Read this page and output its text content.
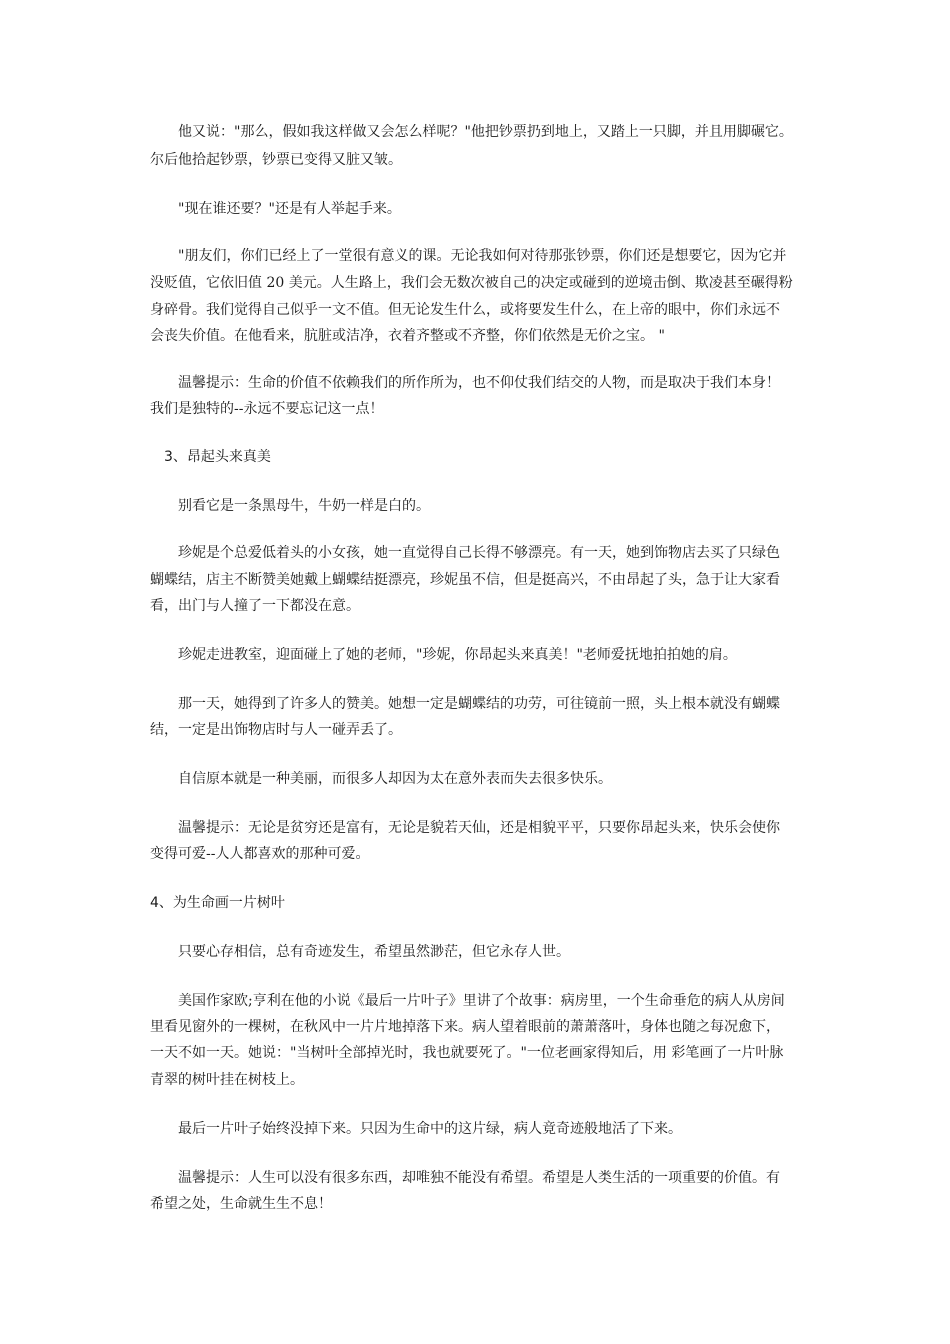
　　他又说："那么，假如我这样做又会怎么样呢？"他把钞票扔到地上，又踏上一只脚，并且用脚碾它。
尔后他拾起钞票，钞票已变得又脏又皱。
　　"现在谁还要？"还是有人举起手来。
　　"朋友们，你们已经上了一堂很有意义的课。无论我如何对待那张钞票，你们还是想要它，因为它并
没贬值，它依旧值 20 美元。人生路上，我们会无数次被自己的决定或碰到的逆境击倒、欺凌甚至碾得粉
身碎骨。我们觉得自己似乎一文不值。但无论发生什么，或将要发生什么，在上帝的眼中，你们永远不
会丧失价值。在他看来，肮脏或洁净，衣着齐整或不齐整，你们依然是无价之宝。 "
　　温馨提示：生命的价值不依赖我们的所作所为，也不仰仗我们结交的人物，而是取决于我们本身！
我们是独特的--永远不要忘记这一点！
3、昂起头来真美
　　别看它是一条黑母牛，牛奶一样是白的。
　　珍妮是个总爱低着头的小女孩，她一直觉得自己长得不够漂亮。有一天，她到饰物店去买了只绿色
蝴蝶结，店主不断赞美她戴上蝴蝶结挺漂亮，珍妮虽不信，但是挺高兴，不由昂起了头，急于让大家看
看，出门与人撞了一下都没在意。
　　珍妮走进教室，迎面碰上了她的老师，"珍妮，你昂起头来真美！"老师爱抚地拍拍她的肩。
　　那一天，她得到了许多人的赞美。她想一定是蝴蝶结的功劳，可往镜前一照，头上根本就没有蝴蝶
结，一定是出饰物店时与人一碰弄丢了。
　　自信原本就是一种美丽，而很多人却因为太在意外表而失去很多快乐。
　　温馨提示：无论是贫穷还是富有，无论是貌若天仙，还是相貌平平，只要你昂起头来，快乐会使你
变得可爱--人人都喜欢的那种可爱。
4、为生命画一片树叶
　　只要心存相信，总有奇迹发生，希望虽然渺茫，但它永存人世。
　　美国作家欧;亨利在他的小说《最后一片叶子》里讲了个故事：病房里，一个生命垂危的病人从房间
里看见窗外的一棵树，在秋风中一片片地掉落下来。病人望着眼前的萧萧落叶，身体也随之每况愈下，
一天不如一天。她说："当树叶全部掉光时，我也就要死了。"一位老画家得知后，用 彩笔画了一片叶脉
青翠的树叶挂在树枝上。
　　最后一片叶子始终没掉下来。只因为生命中的这片绿，病人竟奇迹般地活了下来。
　　温馨提示：人生可以没有很多东西，却唯独不能没有希望。希望是人类生活的一项重要的价值。有
希望之处，生命就生生不息！
